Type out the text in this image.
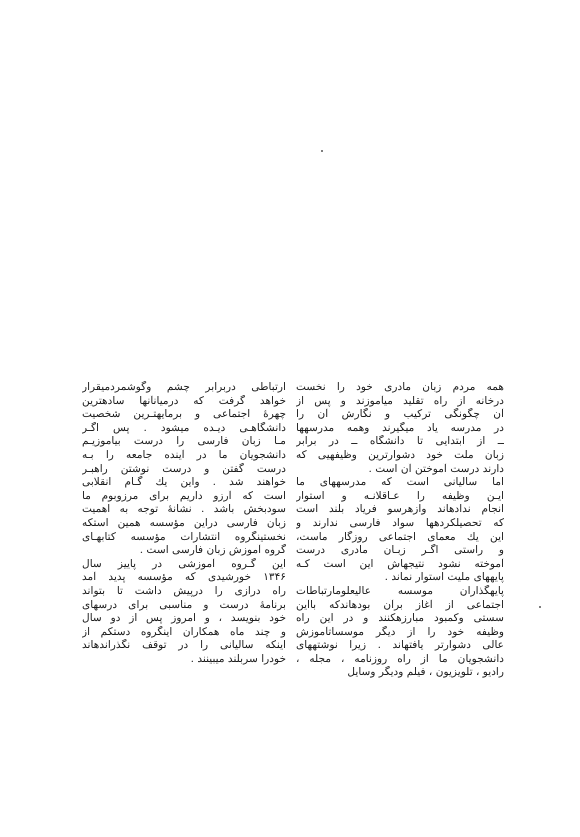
همه مردم زبان مادری خود را نخست
درخانه از راه تقلید میآموزند و پس از
آن چگونگی ترکیب و نگارش آن را
در مدرسه یاد میگیرند وهمه مدرسهها
ــ از ابتدایی تا دانشگاه ــ در برابر
زبان ملت خود دشوارترین وظیفهیی که
دارند درست آموختن آن است .
اما سالیانی است که مدرسههای ما
ایـن وظیفه را عـاقلانـه و استوار
انجام ندادهاند وازهرسو فریاد بلند است
که تحصیلکردهها سواد فارسی ندارند و
این یك معمای اجتماعی روزگار ماست،
و راستی اگـر زبـان مادری درست
آموخته نشود نتیجهاش این است کـه
پایههای ملیت استوار نماند .
پایهگذاران موسسه عالیعلومارتباطات
اجتماعی از آغاز برآن بودهاندکه باآین
سستی وکمبود مبارزهکنند و در این راه
وظیفه خود را از دیگر موسساتآموزش
عالی دشوارتر یافتهاند . زیرا نوشتههای
دانشجویان ما از راه روزنامه ، مجله ،
رادیو ، تلویزیون ، فیلم ودیگر وسایل
ارتباطی دربرابر چشم وگوشمردمیقرار
خواهد گرفت که درمیانآنها سادهترین
چهرهٔ اجتماعی و برمایهتـرین شخصیت
دانشگاهـی دیـده میشود . پس اگـر
مـا زبان فارسی را درست بیاموزیـم
دانشجویان ما در آینده جامعه را بـه
درست گفتن و درست نوشتن راهبـر
خواهند شد . واین یك گـام انقلابی
است که آرزو داریم برای مرزوبوم ما
سودبخش باشد . نشانهٔ توجه به اهمیت
زبان فارسی دراین مؤسسه همین استکه
نخستینگروه انتشارات مؤسسه کتابهـای
گروه آموزش زبان فارسی است .
این گـروه آموزشی در پاییز سال
۱۳۴۶ خورشیدی که مؤسسه پدید آمد
راه درازی را درپیش داشت تا بتواند
برنامهٔ درست و مناسبی برای درسهای
خود بنویسد ، و امروز پس از دو سال
و چند ماه همکاران اینگروه دستکم از
اینکه سالیانی را در توقف نگذراندهاند
خودرا سربلند میبینند .
